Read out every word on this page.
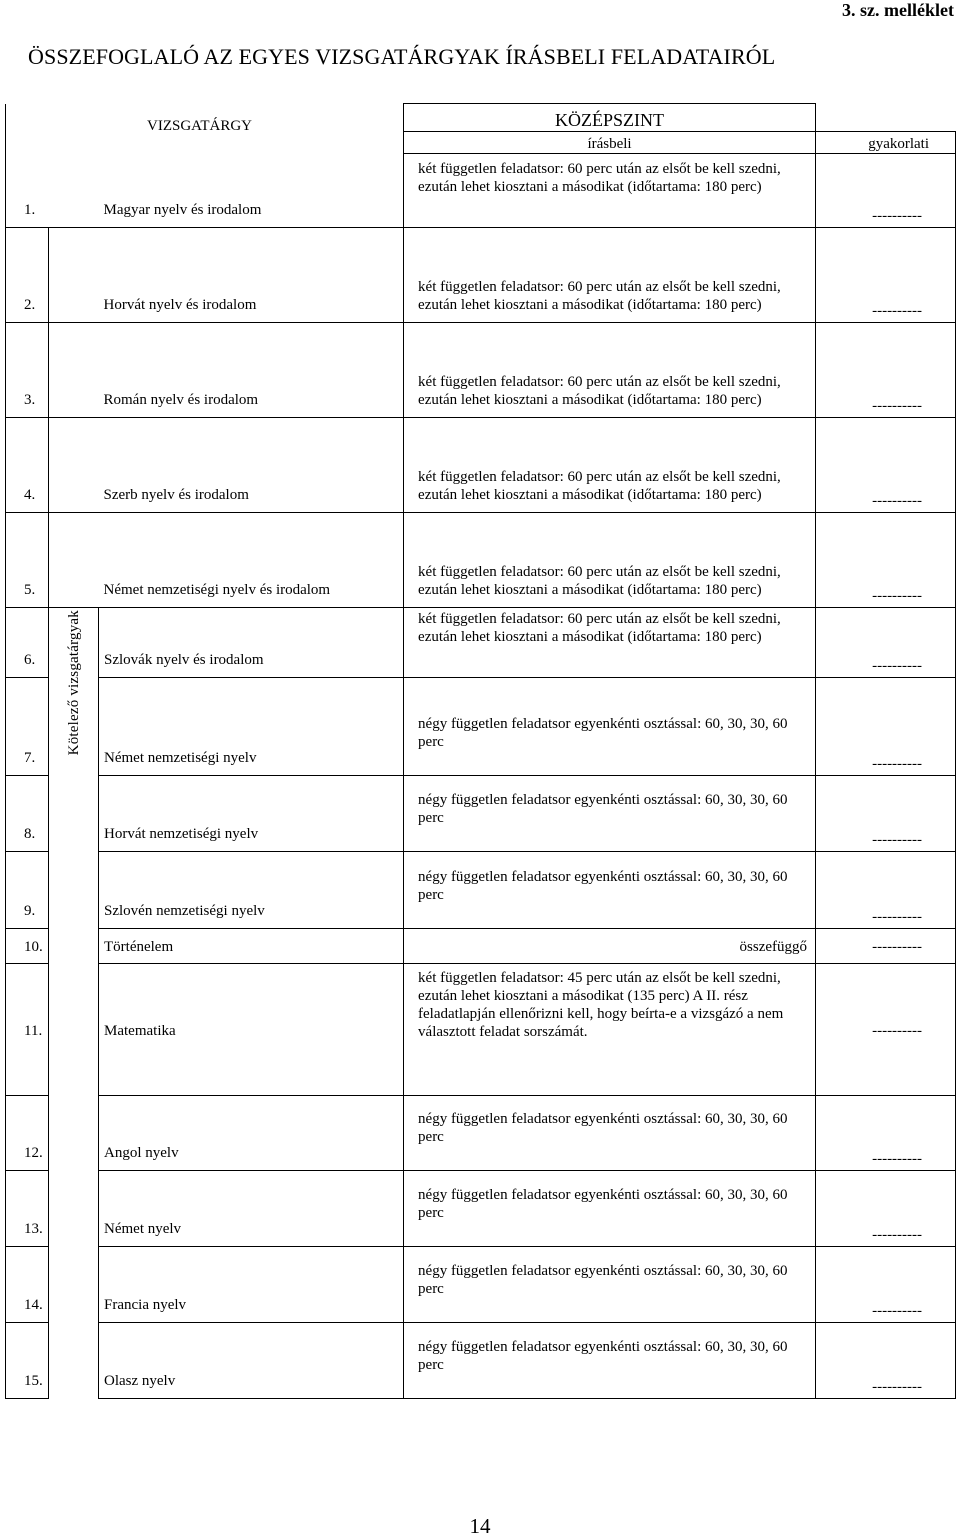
3. sz. melléklet
ÖSSZEFOGLALÓ AZ EGYES VIZSGATÁRGYAK ÍRÁSBELI FELADATAIRÓL
VIZSGATÁRGY			KÖZÉPSZINT	
			írásbeli	gyakorlati
1.		Magyar nyelv és irodalom	két független feladatsor: 60 perc után az elsőt be kell szedni, ezután lehet kiosztani a másodikat (időtartama: 180 perc)	----------
2.		Horvát nyelv és irodalom	két független feladatsor: 60 perc után az elsőt be kell szedni, ezután lehet kiosztani a másodikat (időtartama: 180 perc)	----------
3.		Román nyelv és irodalom	két független feladatsor: 60 perc után az elsőt be kell szedni, ezután lehet kiosztani a másodikat (időtartama: 180 perc)	----------
4.		Szerb nyelv és irodalom	két független feladatsor: 60 perc után az elsőt be kell szedni, ezután lehet kiosztani a másodikat (időtartama: 180 perc)	----------
5.		Német nemzetiségi nyelv és irodalom	két független feladatsor: 60 perc után az elsőt be kell szedni, ezután lehet kiosztani a másodikat (időtartama: 180 perc)	----------
6.	Kötelező vizsgatárgyak	Szlovák nyelv és irodalom	két független feladatsor: 60 perc után az elsőt be kell szedni, ezután lehet kiosztani a másodikat (időtartama: 180 perc)	----------
7.		Német nemzetiségi nyelv	négy független feladatsor egyenkénti osztással: 60, 30, 30, 60 perc	----------
8.		Horvát nemzetiségi nyelv	négy független feladatsor egyenkénti osztással: 60, 30, 30, 60 perc	----------
9.		Szlovén nemzetiségi nyelv	négy független feladatsor egyenkénti osztással: 60, 30, 30, 60 perc	----------
10.		Történelem	összefüggő	----------
11.		Matematika	két független feladatsor: 45 perc után az elsőt be kell szedni, ezután lehet kiosztani a másodikat (135 perc) A II. rész feladatlapján ellenőrizni kell, hogy beírta-e a vizsgázó a nem választott feladat sorszámát.	----------
12.		Angol nyelv	négy független feladatsor egyenkénti osztással: 60, 30, 30, 60 perc	----------
13.		Német nyelv	négy független feladatsor egyenkénti osztással: 60, 30, 30, 60 perc	----------
14.		Francia nyelv	négy független feladatsor egyenkénti osztással: 60, 30, 30, 60 perc	----------
15.		Olasz nyelv	négy független feladatsor egyenkénti osztással: 60, 30, 30, 60 perc	----------

14
